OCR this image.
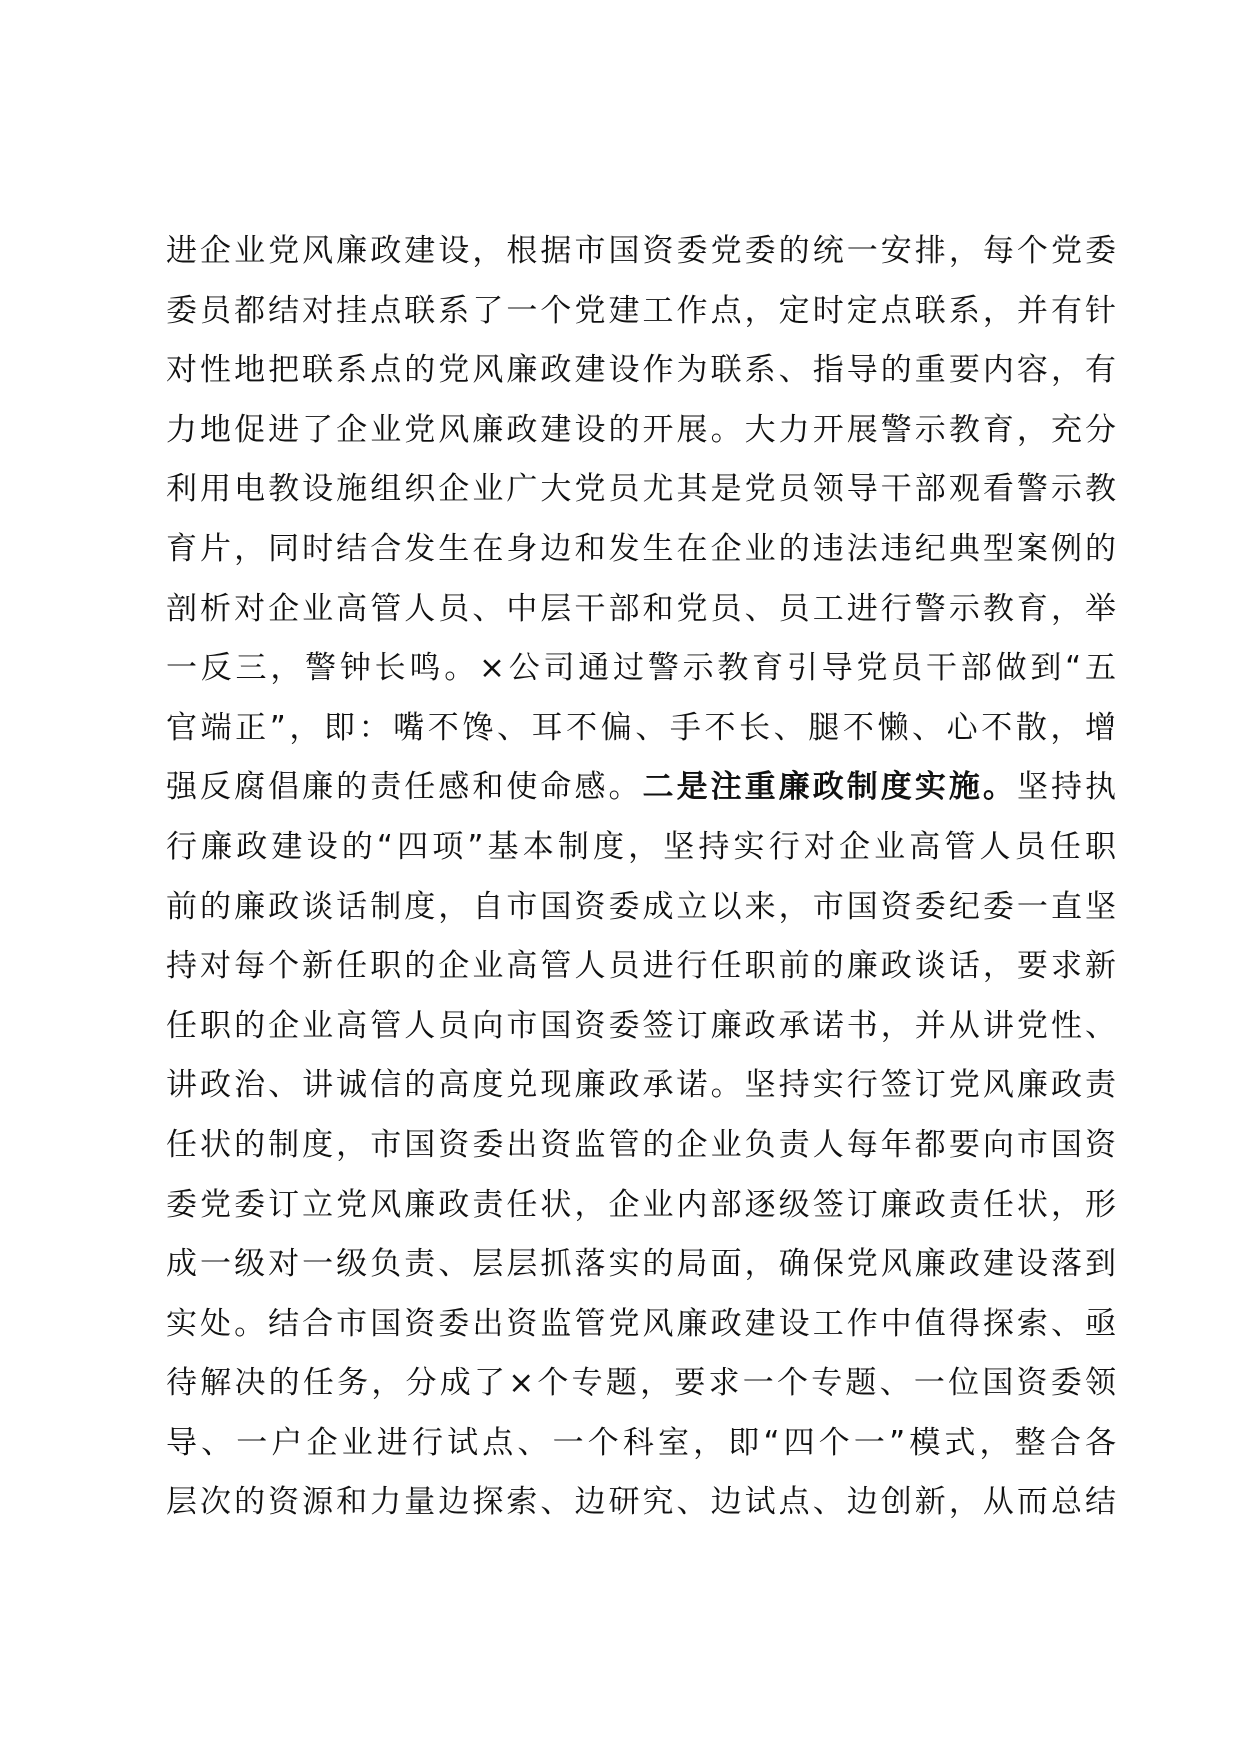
进企业党风廉政建设，根据市国资委党委的统一安排，每个党委
委员都结对挂点联系了一个党建工作点，定时定点联系，并有针
对性地把联系点的党风廉政建设作为联系、指导的重要内容，有
力地促进了企业党风廉政建设的开展。大力开展警示教育，充分
利用电教设施组织企业广大党员尤其是党员领导干部观看警示教
育片，同时结合发生在身边和发生在企业的违法违纪典型案例的
剖析对企业高管人员、中层干部和党员、员工进行警示教育，举
一反三，警钟长鸣。×公司通过警示教育引导党员干部做到“五
官端正”，即：嘴不馋、耳不偏、手不长、腿不懒、心不散，增
强反腐倡廉的责任感和使命感。二是注重廉政制度实施。坚持执
行廉政建设的“四项”基本制度，坚持实行对企业高管人员任职
前的廉政谈话制度，自市国资委成立以来，市国资委纪委一直坚
持对每个新任职的企业高管人员进行任职前的廉政谈话，要求新
任职的企业高管人员向市国资委签订廉政承诺书，并从讲党性、
讲政治、讲诚信的高度兑现廉政承诺。坚持实行签订党风廉政责
任状的制度，市国资委出资监管的企业负责人每年都要向市国资
委党委订立党风廉政责任状，企业内部逐级签订廉政责任状，形
成一级对一级负责、层层抓落实的局面，确保党风廉政建设落到
实处。结合市国资委出资监管党风廉政建设工作中值得探索、亟
待解决的任务，分成了×个专题，要求一个专题、一位国资委领
导、一户企业进行试点、一个科室，即“四个一”模式，整合各
层次的资源和力量边探索、边研究、边试点、边创新，从而总结
